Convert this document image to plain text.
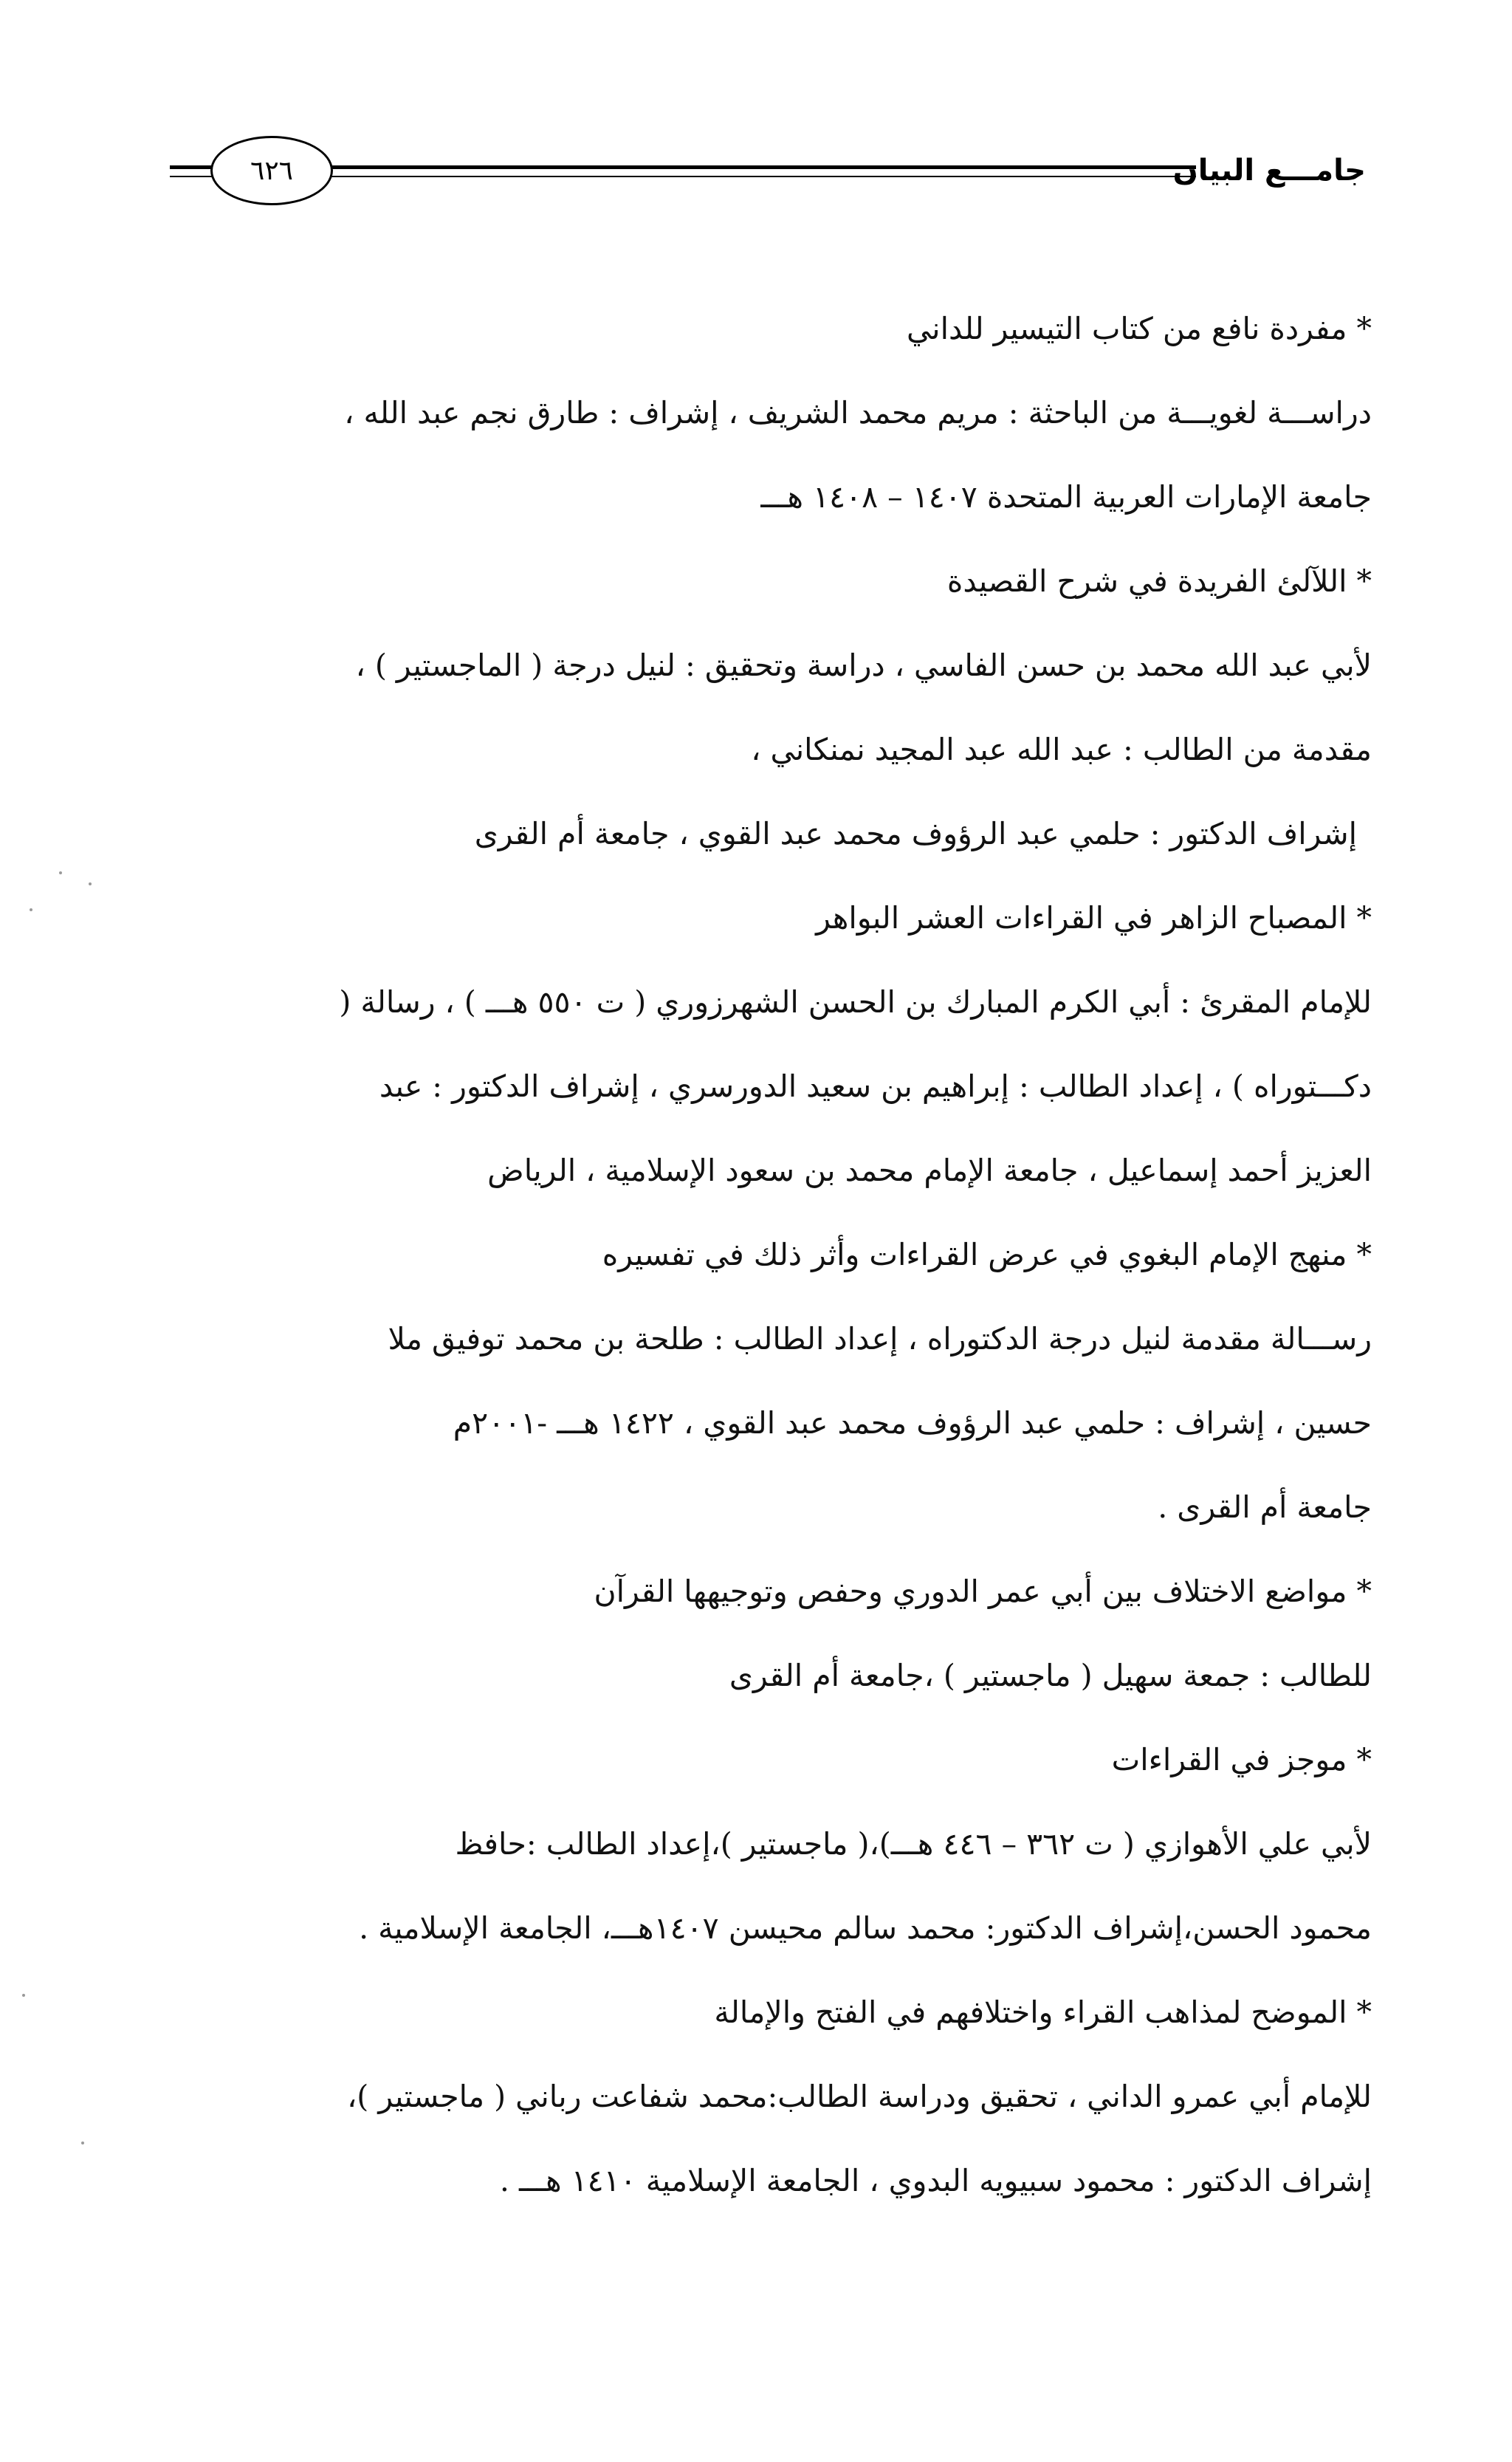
٦٢٦	جامـــع البيان
* مفردة نافع من كتاب التيسير للداني
دراســـة لغويـــة من الباحثة : مريم محمد الشريف ، إشراف : طارق نجم عبد الله ،
جامعة الإمارات العربية المتحدة ١٤٠٧ – ١٤٠٨ هـــ
* اللآلئ الفريدة في شرح القصيدة
لأبي عبد الله محمد بن حسن الفاسي ، دراسة وتحقيق : لنيل درجة ( الماجستير ) ،
مقدمة من الطالب : عبد الله عبد المجيد نمنكاني ،
إشراف الدكتور : حلمي عبد الرؤوف محمد عبد القوي ، جامعة أم القرى
* المصباح الزاهر في القراءات العشر البواهر
للإمام المقرئ : أبي الكرم المبارك بن الحسن الشهرزوري ( ت ٥٥٠ هـــ ) ، رسالة (
دكـــتوراه ) ، إعداد الطالب : إبراهيم بن سعيد الدورسري ، إشراف الدكتور : عبد
العزيز أحمد إسماعيل ، جامعة الإمام محمد بن سعود الإسلامية ، الرياض
* منهج الإمام البغوي في عرض القراءات وأثر ذلك في تفسيره
رســـالة مقدمة لنيل درجة الدكتوراه ، إعداد الطالب : طلحة بن محمد توفيق ملا
حسين ، إشراف : حلمي عبد الرؤوف محمد عبد القوي ، ١٤٢٢ هـــ -٢٠٠١م
جامعة أم القرى .
* مواضع الاختلاف بين أبي عمر الدوري وحفص وتوجيهها القرآن
للطالب : جمعة سهيل ( ماجستير ) ،جامعة أم القرى
* موجز في القراءات
لأبي علي الأهوازي ( ت ٣٦٢ – ٤٤٦ هـــ)،( ماجستير )،إعداد الطالب :حافظ
محمود الحسن،إشراف الدكتور: محمد سالم محيسن ١٤٠٧هـــ، الجامعة الإسلامية .
* الموضح لمذاهب القراء واختلافهم في الفتح والإمالة
للإمام أبي عمرو الداني ، تحقيق ودراسة الطالب:محمد شفاعت رباني ( ماجستير )،
إشراف الدكتور : محمود سبيويه البدوي ، الجامعة الإسلامية ١٤١٠ هـــ .
